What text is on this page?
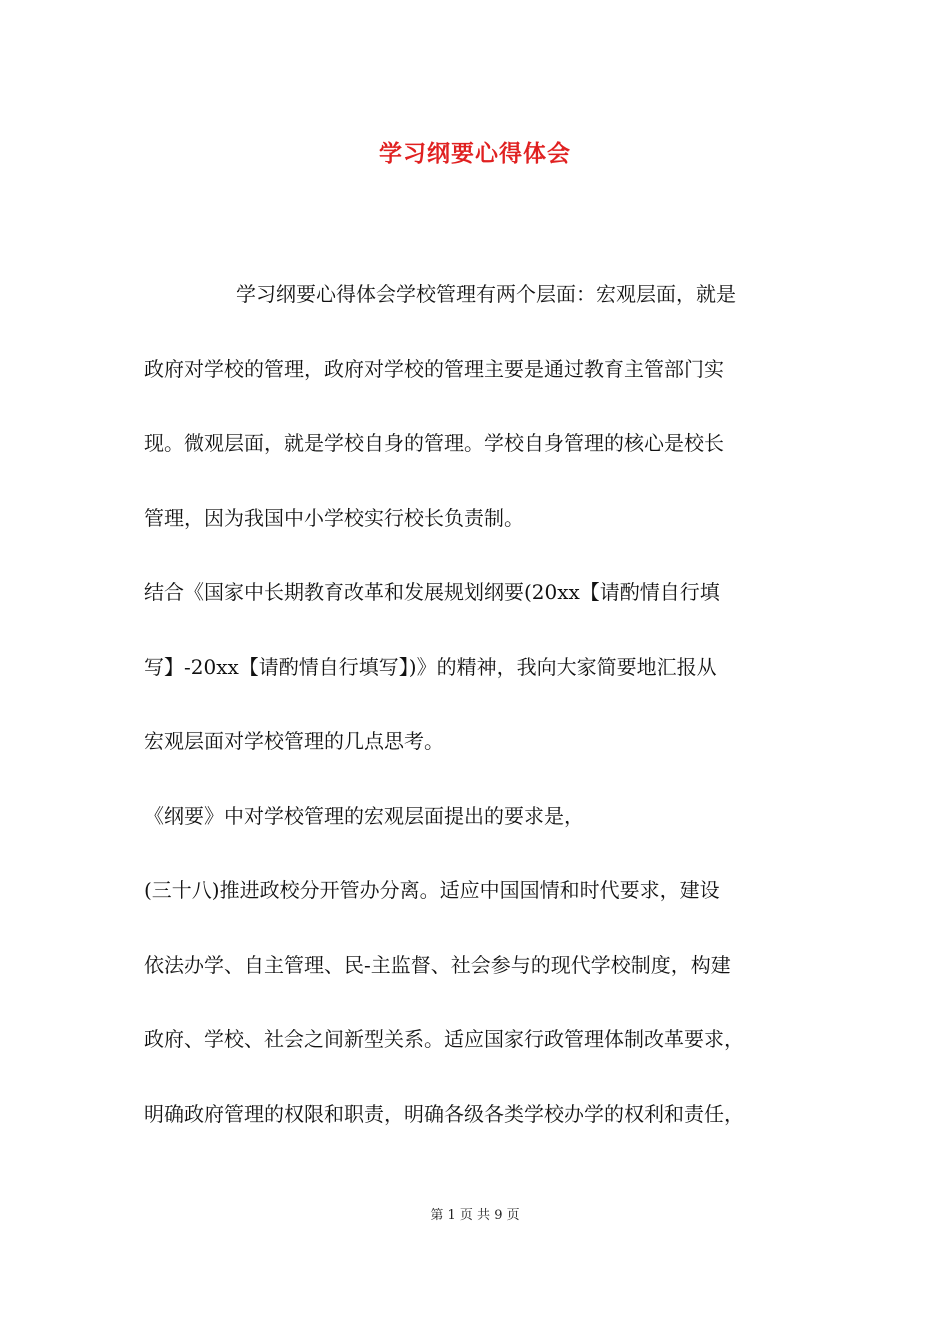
学习纲要心得体会
学习纲要心得体会学校管理有两个层面：宏观层面，就是
政府对学校的管理，政府对学校的管理主要是通过教育主管部门实
现。微观层面，就是学校自身的管理。学校自身管理的核心是校长
管理，因为我国中小学校实行校长负责制。
结合《国家中长期教育改革和发展规划纲要(20xx【请酌情自行填
写】-20xx【请酌情自行填写】)》的精神，我向大家简要地汇报从
宏观层面对学校管理的几点思考。
《纲要》中对学校管理的宏观层面提出的要求是，
(三十八)推进政校分开管办分离。适应中国国情和时代要求，建设
依法办学、自主管理、民-主监督、社会参与的现代学校制度，构建
政府、学校、社会之间新型关系。适应国家行政管理体制改革要求，
明确政府管理的权限和职责，明确各级各类学校办学的权利和责任，
第 1 页 共 9 页
